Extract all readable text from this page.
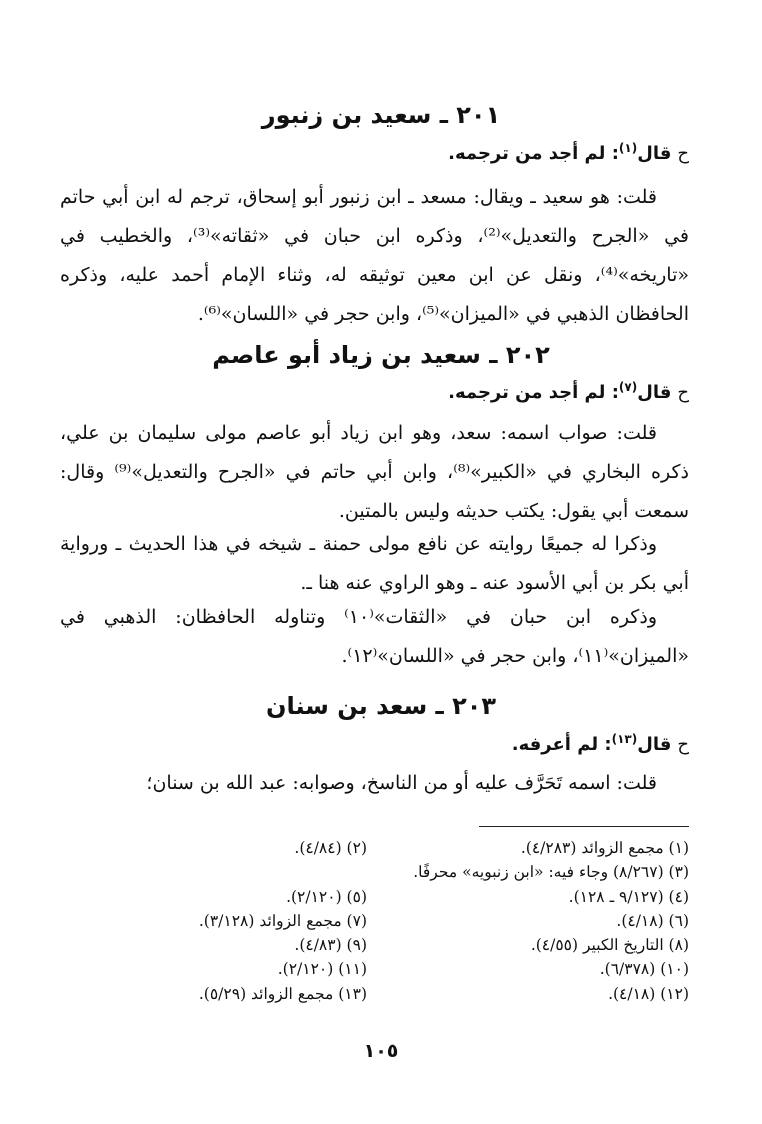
٢٠١ ـ سعيد بن زنبور
حقال$^{(١)}$: لم أجد من ترجمه.
قلت: هو سعيد ـ ويقال: مسعد ـ ابن زنبور أبو إسحاق، ترجم له ابن أبي حاتم في «الجرح والتعديل»⁽²⁾، وذكره ابن حبان في «ثقاته»⁽³⁾، والخطيب في «تاريخه»⁽⁴⁾، ونقل عن ابن معين توثيقه له، وثناء الإمام أحمد عليه، وذكره الحافظان الذهبي في «الميزان»⁽⁵⁾، وابن حجر في «اللسان»⁽⁶⁾.
٢٠٢ ـ سعيد بن زياد أبو عاصم
حقال$^{(٧)}$: لم أجد من ترجمه.
قلت: صواب اسمه: سعد، وهو ابن زياد أبو عاصم مولى سليمان بن علي، ذكره البخاري في «الكبير»⁽⁸⁾، وابن أبي حاتم في «الجرح والتعديل»⁽⁹⁾ وقال: سمعت أبي يقول: يكتب حديثه وليس بالمتين.
وذكرا له جميعًا روايته عن نافع مولى حمنة ـ شيخه في هذا الحديث ـ ورواية أبي بكر بن أبي الأسود عنه ـ وهو الراوي عنه هنا ـ.
وذكره ابن حبان في «الثقات»⁽١٠⁾ وتناوله الحافظان: الذهبي في «الميزان»⁽١١⁾، وابن حجر في «اللسان»⁽١٢⁾.
٢٠٣ ـ سعد بن سنان
حقال$^{(١٣)}$: لم أعرفه.
قلت: اسمه تَحَرَّف عليه أو من الناسخ، وصوابه: عبد الله بن سنان؛
(١) مجمع الزوائد (٤/٢٨٣).
(٣) (٨/٢٦٧) وجاء فيه: «ابن زنبويه» محرفًا.
(٤) (٩/١٢٧ ـ ١٢٨).
(٦) (٤/١٨).
(٨) التاريخ الكبير (٤/٥٥).
(١٠) (٦/٣٧٨).
(١٢) (٤/١٨).
(٢) (٤/٨٤).

(٥) (٢/١٢٠).
(٧) مجمع الزوائد (٣/١٢٨).
(٩) (٤/٨٣).
(١١) (٢/١٢٠).
(١٣) مجمع الزوائد (٥/٢٩).
١٠٥
